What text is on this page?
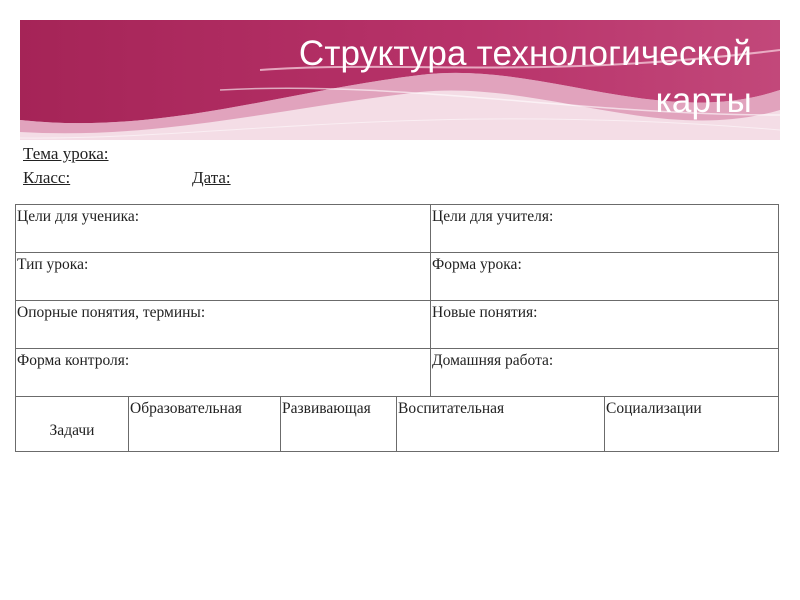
Структура технологической
карты
Тема урока:
Класс:	Дата:
Цели для ученика:				Цели для учителя:	
Тип урока:				Форма урока:	
Опорные понятия, термины:				Новые понятия:	
Форма контроля:				Домашняя работа:	
Задачи	Образовательная	Развивающая	Воспитательная		Социализации
